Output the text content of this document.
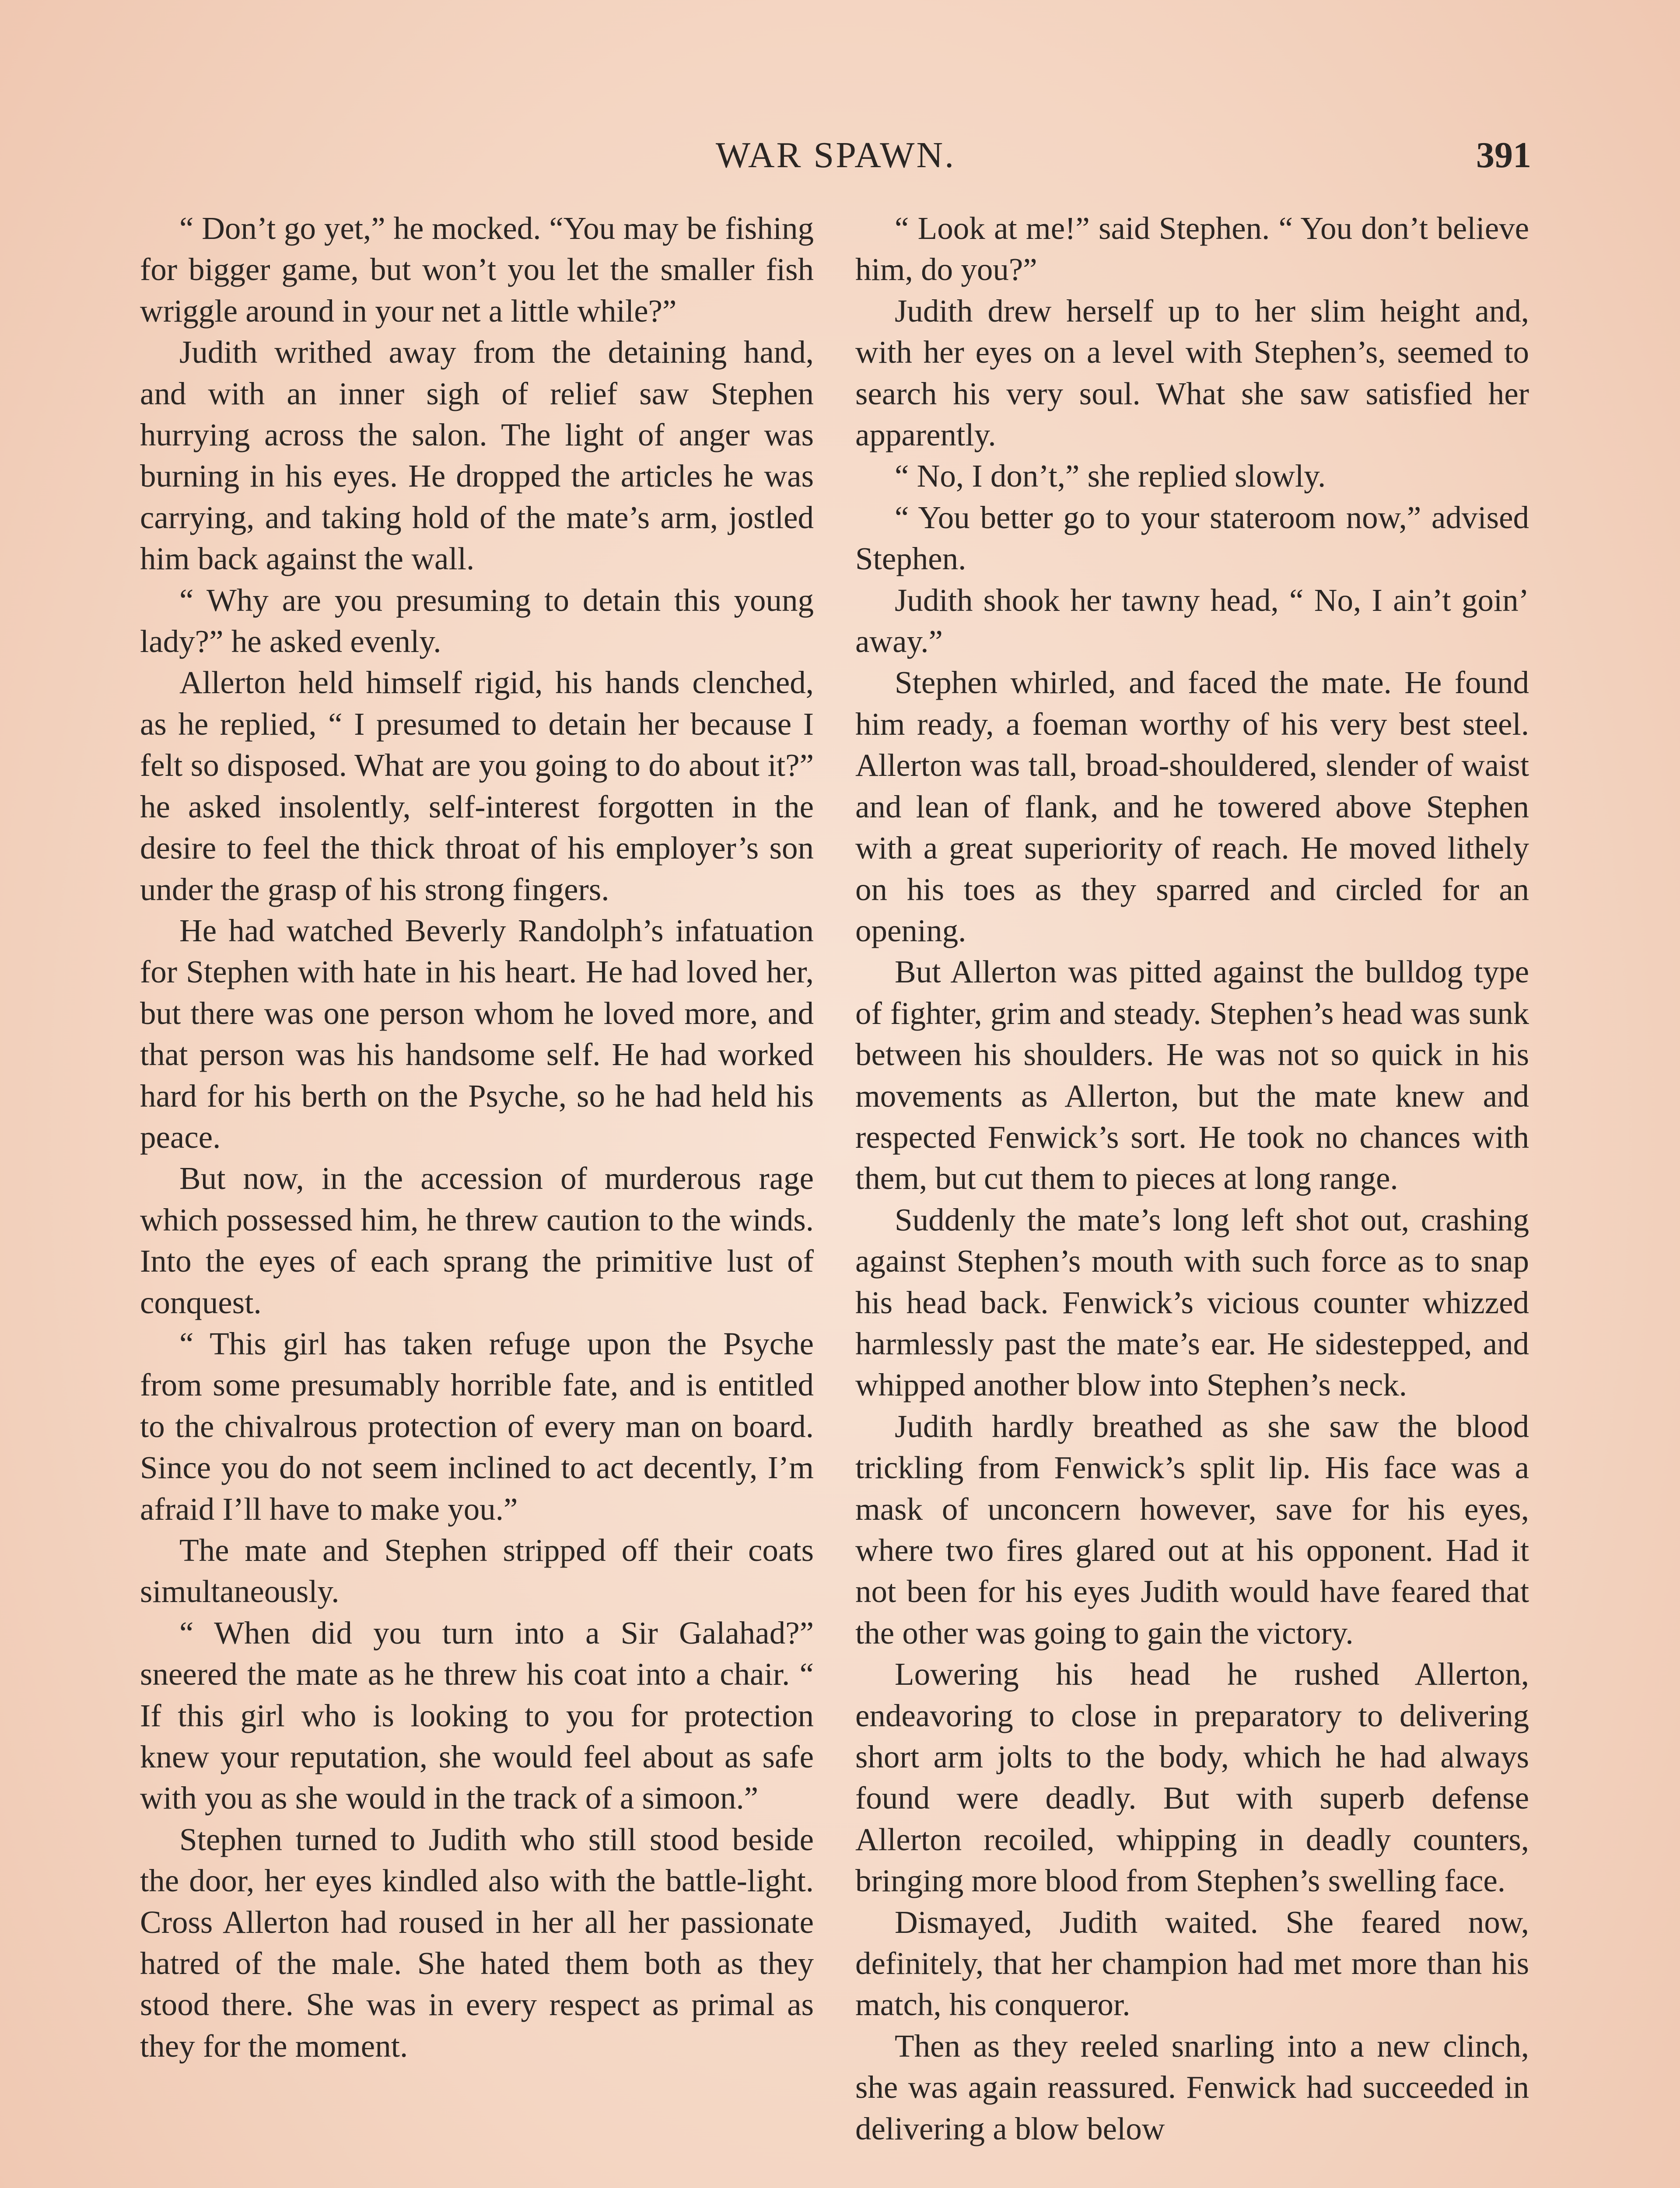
WAR SPAWN.	391

“ Don’t go yet,” he mocked. “You may be fishing for bigger game, but won’t you let the smaller fish wriggle around in your net a little while?”

Judith writhed away from the detaining hand, and with an inner sigh of relief saw Stephen hurrying across the salon. The light of anger was burning in his eyes. He dropped the articles he was carrying, and taking hold of the mate’s arm, jostled him back against the wall.

“ Why are you presuming to detain this young lady?” he asked evenly.

Allerton held himself rigid, his hands clenched, as he replied, “ I presumed to detain her because I felt so disposed. What are you going to do about it?” he asked insolently, self-interest forgotten in the desire to feel the thick throat of his employer’s son under the grasp of his strong fingers.

He had watched Beverly Randolph’s infatuation for Stephen with hate in his heart. He had loved her, but there was one person whom he loved more, and that person was his handsome self. He had worked hard for his berth on the Psyche, so he had held his peace.

But now, in the accession of murderous rage which possessed him, he threw caution to the winds. Into the eyes of each sprang the primitive lust of conquest.

“ This girl has taken refuge upon the Psyche from some presumably horrible fate, and is entitled to the chivalrous protection of every man on board. Since you do not seem inclined to act decently, I’m afraid I’ll have to make you.”

The mate and Stephen stripped off their coats simultaneously.

“ When did you turn into a Sir Galahad?” sneered the mate as he threw his coat into a chair. “ If this girl who is looking to you for protection knew your reputation, she would feel about as safe with you as she would in the track of a simoon.”

Stephen turned to Judith who still stood beside the door, her eyes kindled also with the battle-light. Cross Allerton had roused in her all her passionate hatred of the male. She hated them both as they stood there. She was in every respect as primal as they for the moment.

“ Look at me!” said Stephen. “ You don’t believe him, do you?”

Judith drew herself up to her slim height and, with her eyes on a level with Stephen’s, seemed to search his very soul. What she saw satisfied her apparently.

“ No, I don’t,” she replied slowly.

“ You better go to your stateroom now,” advised Stephen.

Judith shook her tawny head, “ No, I ain’t goin’ away.”

Stephen whirled, and faced the mate. He found him ready, a foeman worthy of his very best steel. Allerton was tall, broad-shouldered, slender of waist and lean of flank, and he towered above Stephen with a great superiority of reach. He moved lithely on his toes as they sparred and circled for an opening.

But Allerton was pitted against the bulldog type of fighter, grim and steady. Stephen’s head was sunk between his shoulders. He was not so quick in his movements as Allerton, but the mate knew and respected Fenwick’s sort. He took no chances with them, but cut them to pieces at long range.

Suddenly the mate’s long left shot out, crashing against Stephen’s mouth with such force as to snap his head back. Fenwick’s vicious counter whizzed harmlessly past the mate’s ear. He sidestepped, and whipped another blow into Stephen’s neck.

Judith hardly breathed as she saw the blood trickling from Fenwick’s split lip. His face was a mask of unconcern however, save for his eyes, where two fires glared out at his opponent. Had it not been for his eyes Judith would have feared that the other was going to gain the victory.

Lowering his head he rushed Allerton, endeavoring to close in preparatory to delivering short arm jolts to the body, which he had always found were deadly. But with superb defense Allerton recoiled, whipping in deadly counters, bringing more blood from Stephen’s swelling face.

Dismayed, Judith waited. She feared now, definitely, that her champion had met more than his match, his conqueror.

Then as they reeled snarling into a new clinch, she was again reassured. Fenwick had succeeded in delivering a blow below
